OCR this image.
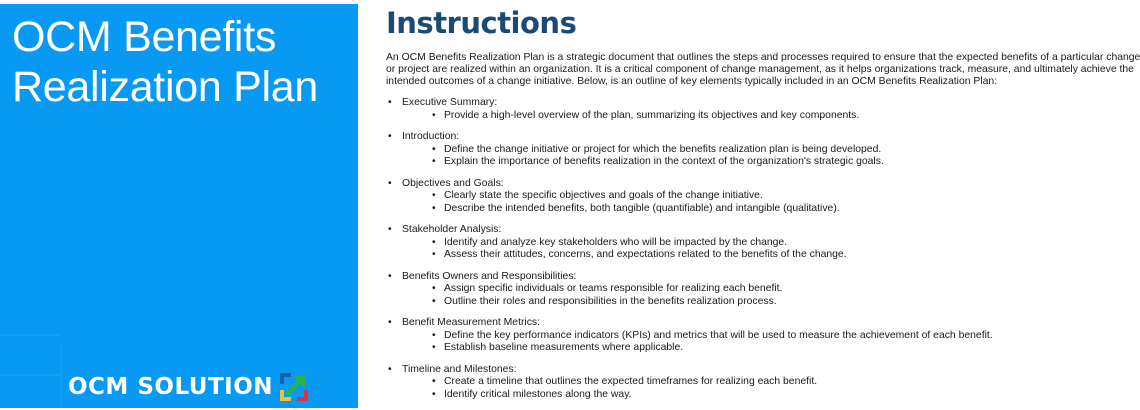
OCM Benefits
Realization Plan
OCM SOLUTION
Instructions

An OCM Benefits Realization Plan is a strategic document that outlines the steps and processes required to ensure that the expected benefits of a particular change or project are realized within an organization. It is a critical component of change management, as it helps organizations track, measure, and ultimately achieve the intended outcomes of a change initiative. Below, is an outline of key elements typically included in an OCM Benefits Realization Plan:

• Executive Summary:
• Provide a high-level overview of the plan, summarizing its objectives and key components.
• Introduction:
• Define the change initiative or project for which the benefits realization plan is being developed.
• Explain the importance of benefits realization in the context of the organization's strategic goals.
• Objectives and Goals:
• Clearly state the specific objectives and goals of the change initiative.
• Describe the intended benefits, both tangible (quantifiable) and intangible (qualitative).
• Stakeholder Analysis:
• Identify and analyze key stakeholders who will be impacted by the change.
• Assess their attitudes, concerns, and expectations related to the benefits of the change.
• Benefits Owners and Responsibilities:
• Assign specific individuals or teams responsible for realizing each benefit.
• Outline their roles and responsibilities in the benefits realization process.
• Benefit Measurement Metrics:
• Define the key performance indicators (KPIs) and metrics that will be used to measure the achievement of each benefit.
• Establish baseline measurements where applicable.
• Timeline and Milestones:
• Create a timeline that outlines the expected timeframes for realizing each benefit.
• Identify critical milestones along the way.
